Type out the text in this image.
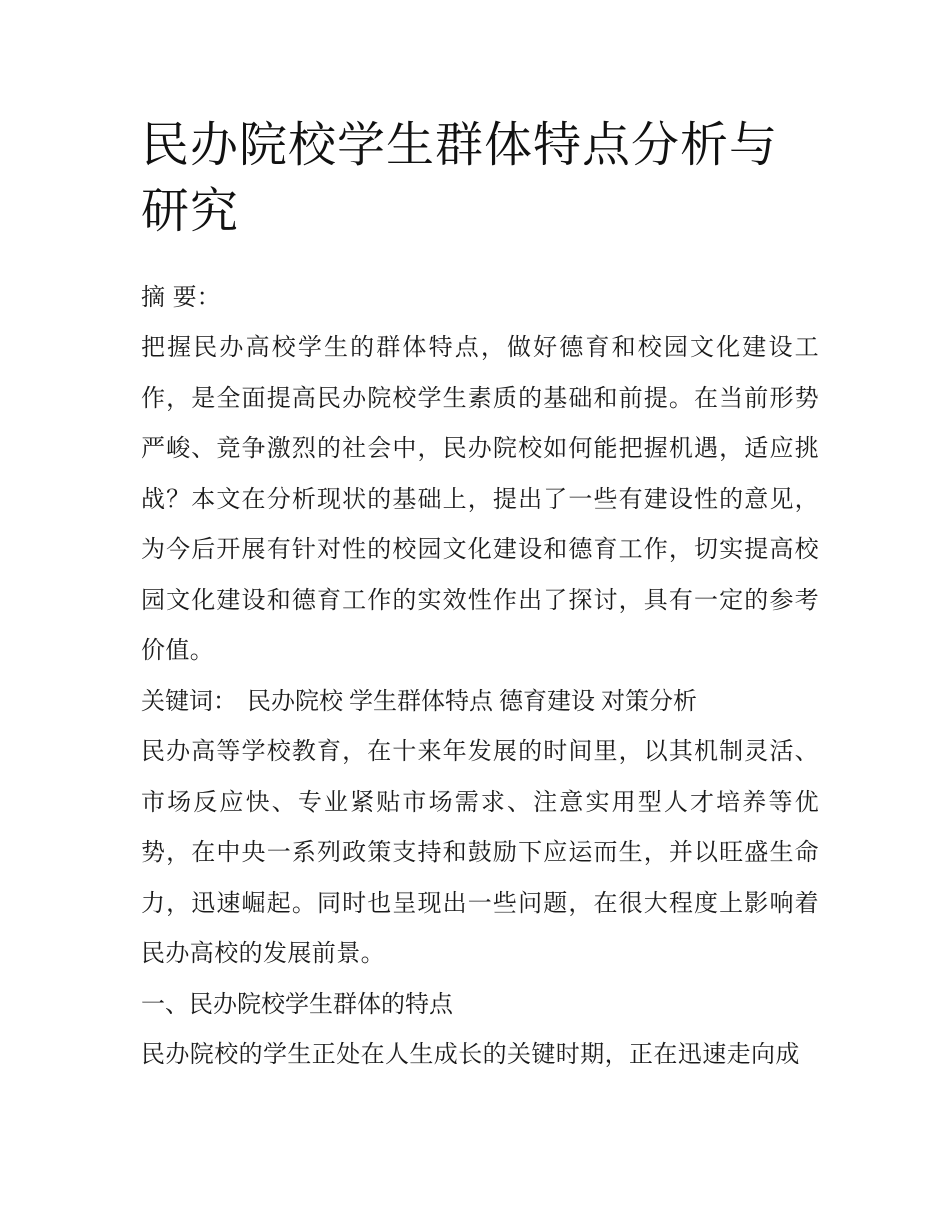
民办院校学生群体特点分析与研究

摘 要：

把握民办高校学生的群体特点，做好德育和校园文化建设工作，是全面提高民办院校学生素质的基础和前提。在当前形势严峻、竞争激烈的社会中，民办院校如何能把握机遇，适应挑战？本文在分析现状的基础上，提出了一些有建设性的意见，为今后开展有针对性的校园文化建设和德育工作，切实提高校园文化建设和德育工作的实效性作出了探讨，具有一定的参考价值。

关键词： 民办院校 学生群体特点 德育建设 对策分析

民办高等学校教育，在十来年发展的时间里，以其机制灵活、市场反应快、专业紧贴市场需求、注意实用型人才培养等优势，在中央一系列政策支持和鼓励下应运而生，并以旺盛生命力，迅速崛起。同时也呈现出一些问题，在很大程度上影响着民办高校的发展前景。

一、民办院校学生群体的特点

民办院校的学生正处在人生成长的关键时期，正在迅速走向成
